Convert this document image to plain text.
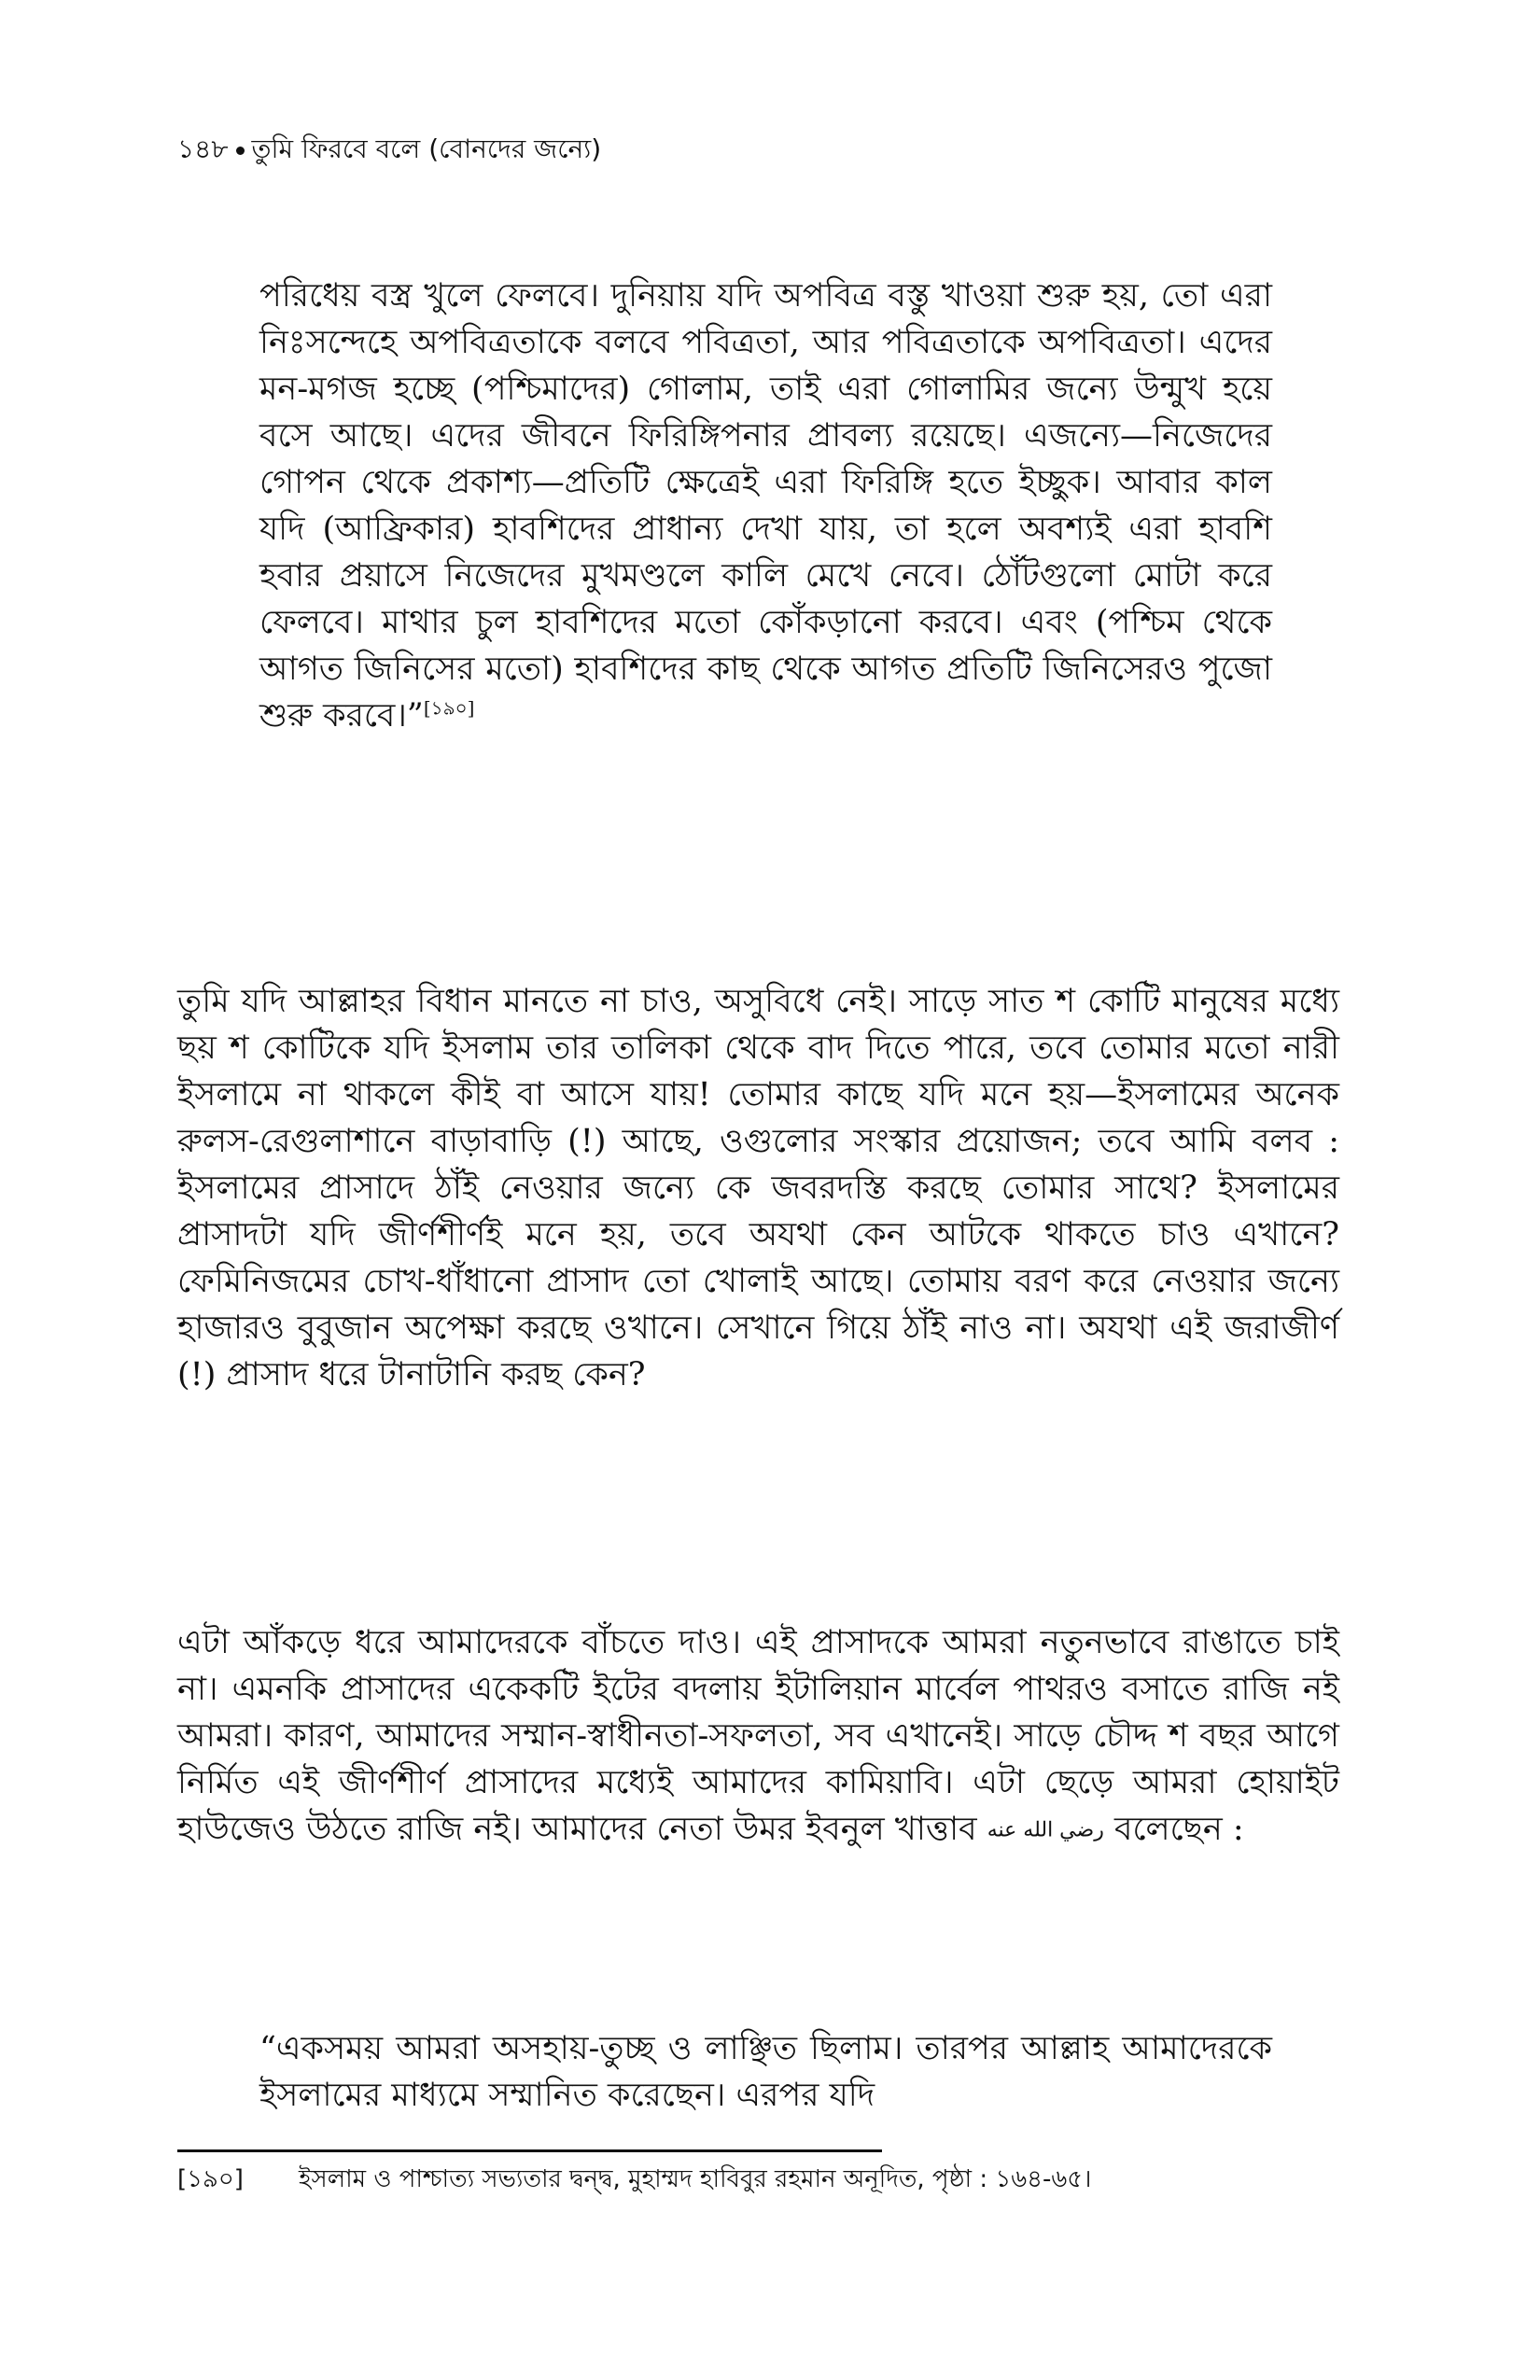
১৪৮ তুমি ফিরবে বলে (বোনদের জন্যে)

পরিধেয় বস্ত্র খুলে ফেলবে। দুনিয়ায় যদি অপবিত্র বস্তু খাওয়া শুরু হয়, তো এরা নিঃসন্দেহে অপবিত্রতাকে বলবে পবিত্রতা, আর পবিত্রতাকে অপবিত্রতা। এদের মন-মগজ হচ্ছে (পশ্চিমাদের) গোলাম, তাই এরা গোলামির জন্যে উন্মুখ হয়ে বসে আছে। এদের জীবনে ফিরিঙ্গিপনার প্রাবল্য রয়েছে। এজন্যে—নিজেদের গোপন থেকে প্রকাশ্য—প্রতিটি ক্ষেত্রেই এরা ফিরিঙ্গি হতে ইচ্ছুক। আবার কাল যদি (আফ্রিকার) হাবশিদের প্রাধান্য দেখা যায়, তা হলে অবশ্যই এরা হাবশি হবার প্রয়াসে নিজেদের মুখমণ্ডলে কালি মেখে নেবে। ঠোঁটগুলো মোটা করে ফেলবে। মাথার চুল হাবশিদের মতো কোঁকড়ানো করবে। এবং (পশ্চিম থেকে আগত জিনিসের মতো) হাবশিদের কাছ থেকে আগত প্রতিটি জিনিসেরও পুজো শুরু করবে।”[১৯০]

তুমি যদি আল্লাহর বিধান মানতে না চাও, অসুবিধে নেই। সাড়ে সাত শ কোটি মানুষের মধ্যে ছয় শ কোটিকে যদি ইসলাম তার তালিকা থেকে বাদ দিতে পারে, তবে তোমার মতো নারী ইসলামে না থাকলে কীই বা আসে যায়! তোমার কাছে যদি মনে হয়—ইসলামের অনেক রুলস-রেগুলাশানে বাড়াবাড়ি (!) আছে, ওগুলোর সংস্কার প্রয়োজন; তবে আমি বলব : ইসলামের প্রাসাদে ঠাঁই নেওয়ার জন্যে কে জবরদস্তি করছে তোমার সাথে? ইসলামের প্রাসাদটা যদি জীর্ণশীর্ণই মনে হয়, তবে অযথা কেন আটকে থাকতে চাও এখানে? ফেমিনিজমের চোখ-ধাঁধানো প্রাসাদ তো খোলাই আছে। তোমায় বরণ করে নেওয়ার জন্যে হাজারও বুবুজান অপেক্ষা করছে ওখানে। সেখানে গিয়ে ঠাঁই নাও না। অযথা এই জরাজীর্ণ (!) প্রাসাদ ধরে টানাটানি করছ কেন?

এটা আঁকড়ে ধরে আমাদেরকে বাঁচতে দাও। এই প্রাসাদকে আমরা নতুনভাবে রাঙাতে চাই না। এমনকি প্রাসাদের একেকটি ইটের বদলায় ইটালিয়ান মার্বেল পাথরও বসাতে রাজি নই আমরা। কারণ, আমাদের সম্মান-স্বাধীনতা-সফলতা, সব এখানেই। সাড়ে চৌদ্দ শ বছর আগে নির্মিত এই জীর্ণশীর্ণ প্রাসাদের মধ্যেই আমাদের কামিয়াবি। এটা ছেড়ে আমরা হোয়াইট হাউজেও উঠতে রাজি নই। আমাদের নেতা উমর ইবনুল খাত্তাব رضي الله عنه বলেছেন :

“একসময় আমরা অসহায়-তুচ্ছ ও লাঞ্ছিত ছিলাম। তারপর আল্লাহ আমাদেরকে ইসলামের মাধ্যমে সম্মানিত করেছেন। এরপর যদি

[১৯০] ইসলাম ও পাশ্চাত্য সভ্যতার দ্বন্দ্ব, মুহাম্মদ হাবিবুর রহমান অনূদিত, পৃষ্ঠা : ১৬৪-৬৫।
